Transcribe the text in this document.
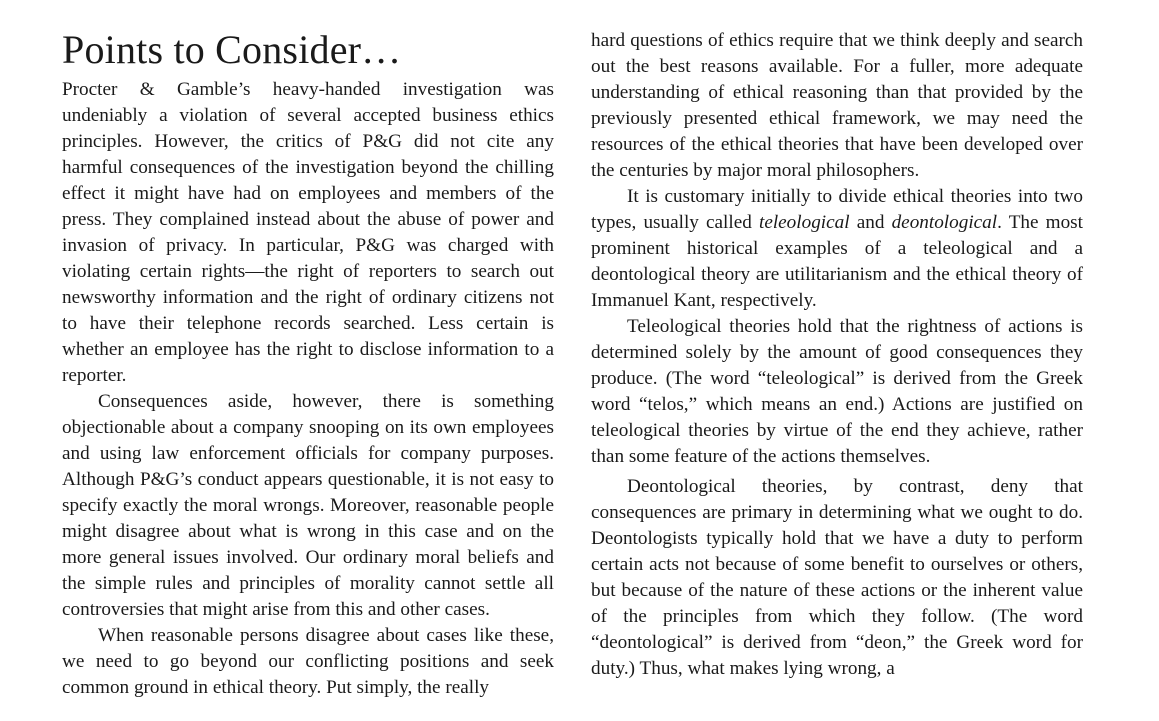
Points to Consider…

Procter & Gamble’s heavy-handed investigation was undeniably a violation of several accepted business ethics principles. However, the critics of P&G did not cite any harmful consequences of the investigation beyond the chilling effect it might have had on employees and members of the press. They complained instead about the abuse of power and invasion of privacy. In particular, P&G was charged with violating certain rights—the right of reporters to search out newsworthy information and the right of ordinary citizens not to have their telephone records searched. Less certain is whether an employee has the right to disclose information to a reporter.

Consequences aside, however, there is something objectionable about a company snooping on its own employees and using law enforcement officials for company purposes. Although P&G’s conduct appears questionable, it is not easy to specify exactly the moral wrongs. Moreover, reasonable people might disagree about what is wrong in this case and on the more general issues involved. Our ordinary moral beliefs and the simple rules and principles of morality cannot settle all controversies that might arise from this and other cases.

When reasonable persons disagree about cases like these, we need to go beyond our conflicting positions and seek common ground in ethical theory. Put simply, the really

hard questions of ethics require that we think deeply and search out the best reasons available. For a fuller, more adequate understanding of ethical reasoning than that provided by the previously presented ethical framework, we may need the resources of the ethical theories that have been developed over the centuries by major moral philosophers.

It is customary initially to divide ethical theories into two types, usually called teleological and deontological. The most prominent historical examples of a teleological and a deontological theory are utilitarianism and the ethical theory of Immanuel Kant, respectively.

Teleological theories hold that the rightness of actions is determined solely by the amount of good consequences they produce. (The word “teleological” is derived from the Greek word “telos,” which means an end.) Actions are justified on teleological theories by virtue of the end they achieve, rather than some feature of the actions themselves.

Deontological theories, by contrast, deny that consequences are primary in determining what we ought to do. Deontologists typically hold that we have a duty to perform certain acts not because of some benefit to ourselves or others, but because of the nature of these actions or the inherent value of the principles from which they follow. (The word “deontological” is derived from “deon,” the Greek word for duty.) Thus, what makes lying wrong, a
